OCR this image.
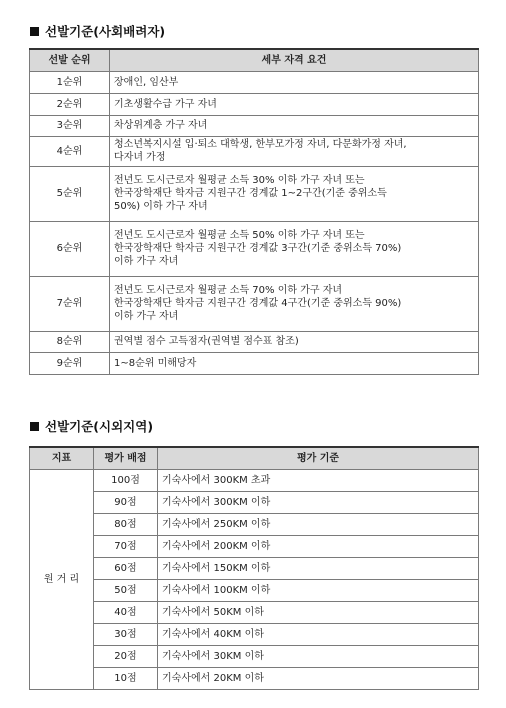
선발기준(사회배려자)
선발 순위	세부 자격 요건
1순위	장애인, 임산부

2순위	기초생활수급 가구 자녀

3순위	차상위계층 가구 자녀

4순위	청소년복지시설 입·퇴소 대학생, 한부모가정 자녀, 다문화가정 자녀,
다자녀 가정

5순위	전년도 도시근로자 월평균 소득 30% 이하 가구 자녀 또는
한국장학재단 학자금 지원구간 경계값 1~2구간(기준 중위소득
50%) 이하 가구 자녀

6순위	전년도 도시근로자 월평균 소득 50% 이하 가구 자녀 또는
한국장학재단 학자금 지원구간 경계값 3구간(기준 중위소득 70%)
이하 가구 자녀

7순위	전년도 도시근로자 월평균 소득 70% 이하 가구 자녀
한국장학재단 학자금 지원구간 경계값 4구간(기준 중위소득 90%)
이하 가구 자녀

8순위	권역별 점수 고득점자(권역별 점수표 참조)

9순위	1~8순위 미해당자
선발기준(시외지역)
지표	평가 배점	평가 기준
원 거 리	100점	기숙사에서 300KM 초과
	90점	기숙사에서 300KM 이하
	80점	기숙사에서 250KM 이하
	70점	기숙사에서 200KM 이하
	60점	기숙사에서 150KM 이하
	50점	기숙사에서 100KM 이하
	40점	기숙사에서 50KM 이하
	30점	기숙사에서 40KM 이하
	20점	기숙사에서 30KM 이하
	10점	기숙사에서 20KM 이하
